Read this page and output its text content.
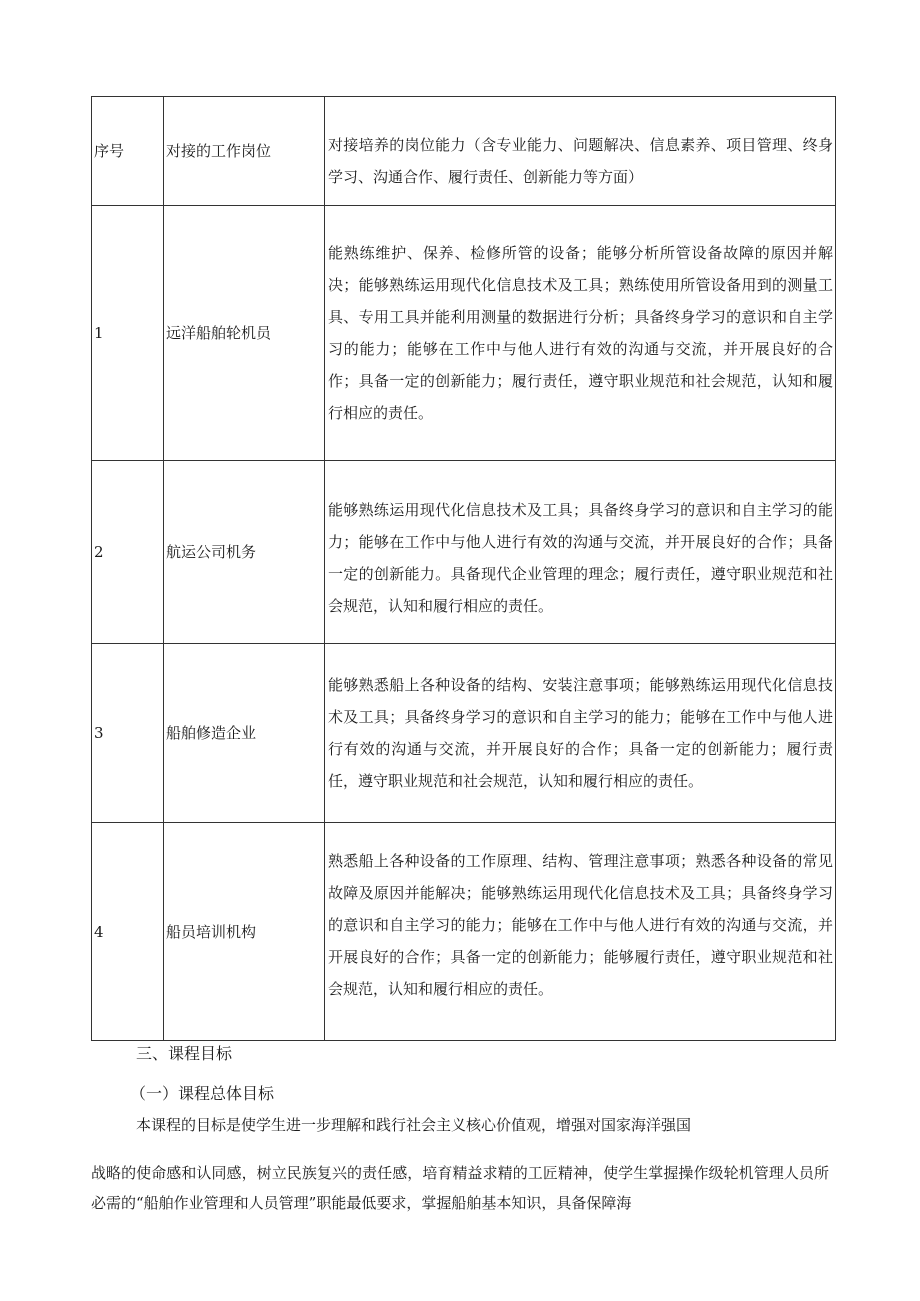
序号	对接的工作岗位	对接培养的岗位能力（含专业能力、问题解决、信息素养、项目管理、终身学习、沟通合作、履行责任、创新能力等方面）

1	远洋船舶轮机员	能熟练维护、保养、检修所管的设备；能够分析所管设备故障的原因并解决；能够熟练运用现代化信息技术及工具；熟练使用所管设备用到的测量工具、专用工具并能利用测量的数据进行分析；具备终身学习的意识和自主学习的能力；能够在工作中与他人进行有效的沟通与交流，并开展良好的合作；具备一定的创新能力；履行责任，遵守职业规范和社会规范，认知和履行相应的责任。

2	航运公司机务	能够熟练运用现代化信息技术及工具；具备终身学习的意识和自主学习的能力；能够在工作中与他人进行有效的沟通与交流，并开展良好的合作；具备一定的创新能力。具备现代企业管理的理念；履行责任，遵守职业规范和社会规范，认知和履行相应的责任。

3	船舶修造企业	能够熟悉船上各种设备的结构、安装注意事项；能够熟练运用现代化信息技术及工具；具备终身学习的意识和自主学习的能力；能够在工作中与他人进行有效的沟通与交流，并开展良好的合作；具备一定的创新能力；履行责任，遵守职业规范和社会规范，认知和履行相应的责任。

4	船员培训机构	熟悉船上各种设备的工作原理、结构、管理注意事项；熟悉各种设备的常见故障及原因并能解决；能够熟练运用现代化信息技术及工具；具备终身学习的意识和自主学习的能力；能够在工作中与他人进行有效的沟通与交流，并开展良好的合作；具备一定的创新能力；能够履行责任，遵守职业规范和社会规范，认知和履行相应的责任。
三、课程目标
（一）课程总体目标
本课程的目标是使学生进一步理解和践行社会主义核心价值观，增强对国家海洋强国
战略的使命感和认同感，树立民族复兴的责任感，培育精益求精的工匠精神，使学生掌握操作级轮机管理人员所必需的“船舶作业管理和人员管理”职能最低要求，掌握船舶基本知识，具备保障海
